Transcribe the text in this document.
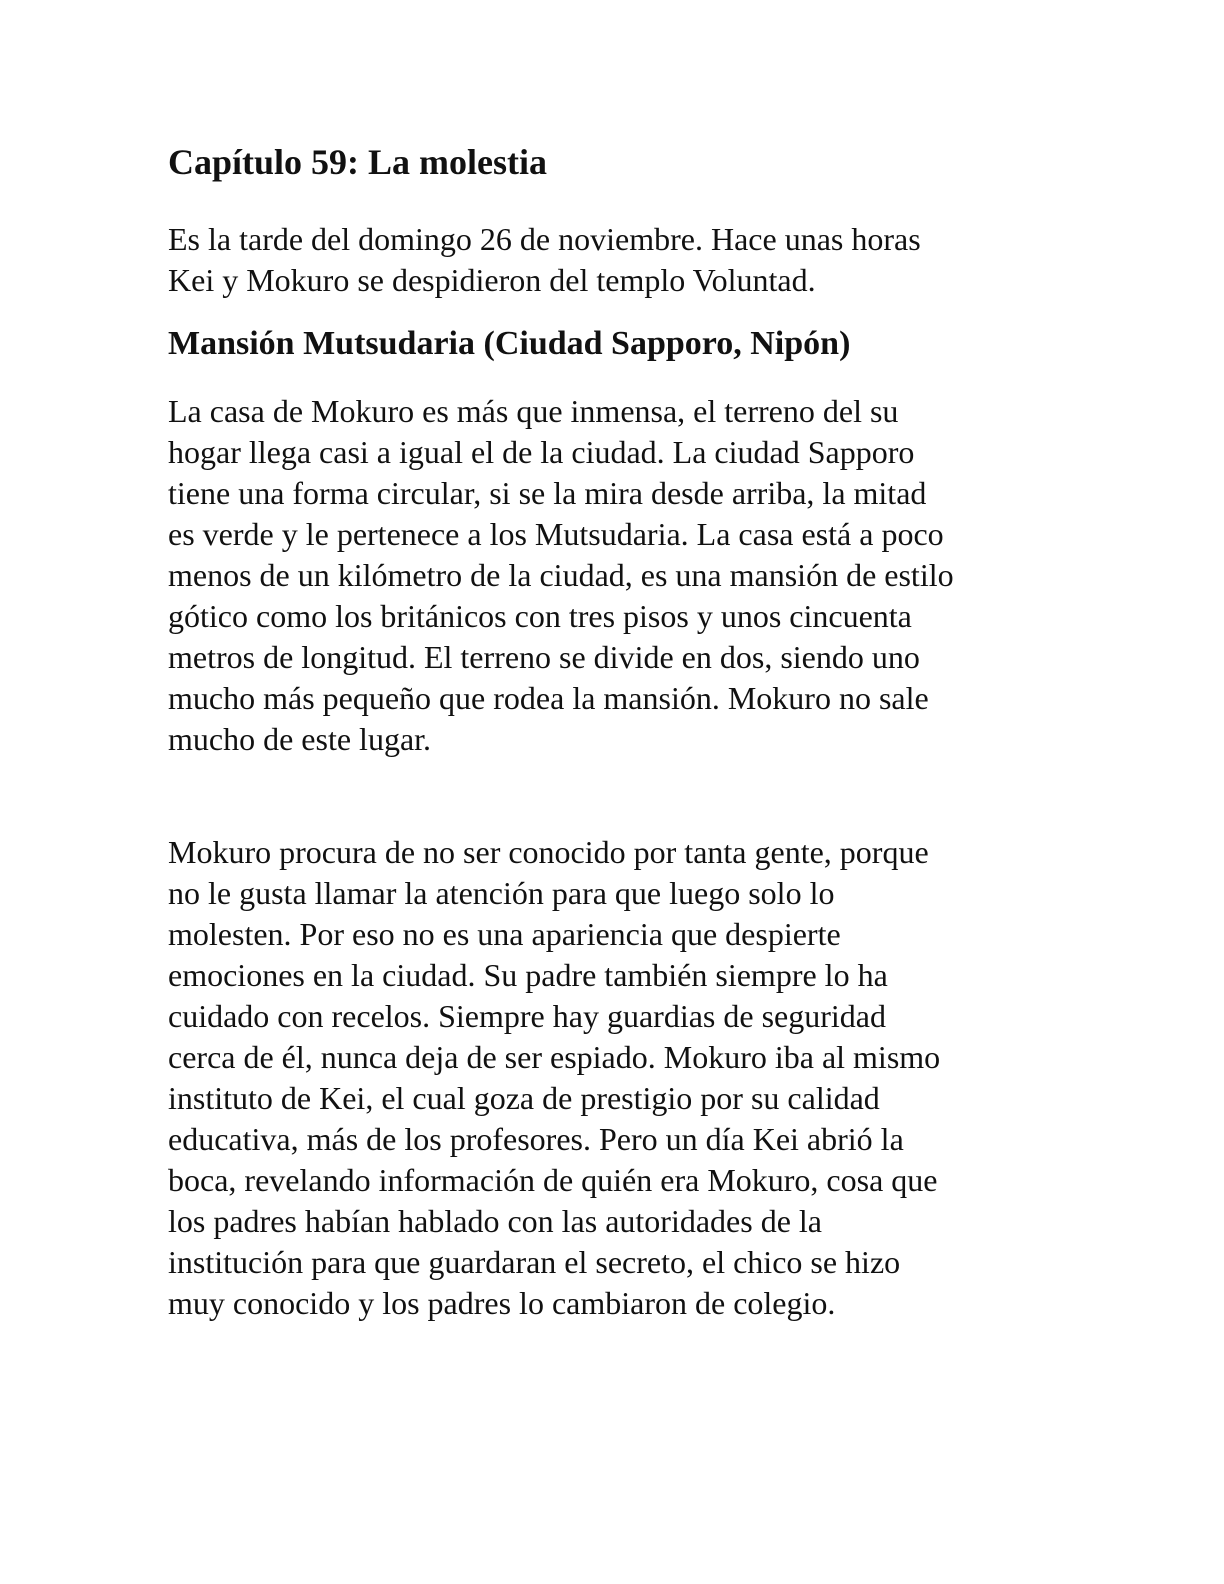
Capítulo 59: La molestia

Es la tarde del domingo 26 de noviembre. Hace unas horas
Kei y Mokuro se despidieron del templo Voluntad.

Mansión Mutsudaria (Ciudad Sapporo, Nipón)

La casa de Mokuro es más que inmensa, el terreno del su
hogar llega casi a igual el de la ciudad. La ciudad Sapporo
tiene una forma circular, si se la mira desde arriba, la mitad
es verde y le pertenece a los Mutsudaria. La casa está a poco
menos de un kilómetro de la ciudad, es una mansión de estilo
gótico como los británicos con tres pisos y unos cincuenta
metros de longitud. El terreno se divide en dos, siendo uno
mucho más pequeño que rodea la mansión. Mokuro no sale
mucho de este lugar.

Mokuro procura de no ser conocido por tanta gente, porque
no le gusta llamar la atención para que luego solo lo
molesten. Por eso no es una apariencia que despierte
emociones en la ciudad. Su padre también siempre lo ha
cuidado con recelos. Siempre hay guardias de seguridad
cerca de él, nunca deja de ser espiado. Mokuro iba al mismo
instituto de Kei, el cual goza de prestigio por su calidad
educativa, más de los profesores. Pero un día Kei abrió la
boca, revelando información de quién era Mokuro, cosa que
los padres habían hablado con las autoridades de la
institución para que guardaran el secreto, el chico se hizo
muy conocido y los padres lo cambiaron de colegio.
